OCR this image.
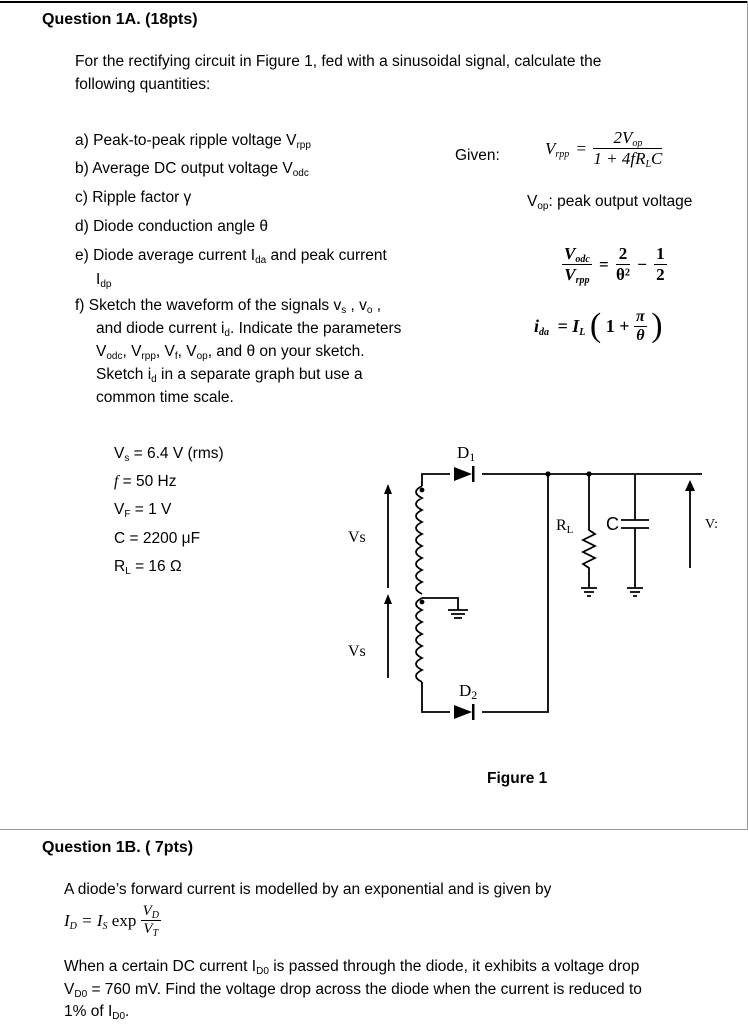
Question 1A. (18pts)
For the rectifying circuit in Figure 1, fed with a sinusoidal signal, calculate the
following quantities:
a) Peak-to-peak ripple voltage $V_{rpp}$
b) Average DC output voltage $V_{odc}$
c) Ripple factor γ
d) Diode conduction angle θ
e) Diode average current $I_{da}$ and peak current
$I_{dp}$
f) Sketch the waveform of the signals $v_s$ , $v_o$ ,
and diode current $i_d$. Indicate the parameters
$V_{odc}$, $V_{rpp}$, $V_f$, $V_{op}$, and θ on your sketch.
Sketch $i_d$ in a separate graph but use a
common time scale.
Given:	$V_{rpp} = \frac{2V_{op}}{1 + 4fR_LC}$
$V_{op}$: peak output voltage
$\frac{V_{odc}}{V_{rpp}} = \frac{2}{\text{θ²}} - \frac{1}{2}$
$i_{da} = I_L$ ( $1 + \frac{\pi}{\theta}$ )
$V_s = 6.4$ V (rms)
f = 50 Hz
$V_F = 1$ V
C = 2200 μF
$R_L = 16$ Ω
D1
D2
Vs
Vs
RL C	V:
Figure 1
Question 1B. ( 7pts)
A diode’s forward current is modelled by an exponential and is given by
$I_D = I_S$ $\exp \frac{V_D}{V_T}$
When a certain DC current $I_{D0}$ is passed through the diode, it exhibits a voltage drop
$V_{D0} = 760$ mV. Find the voltage drop across the diode when the current is reduced to
1% of $I_{D0}$.
